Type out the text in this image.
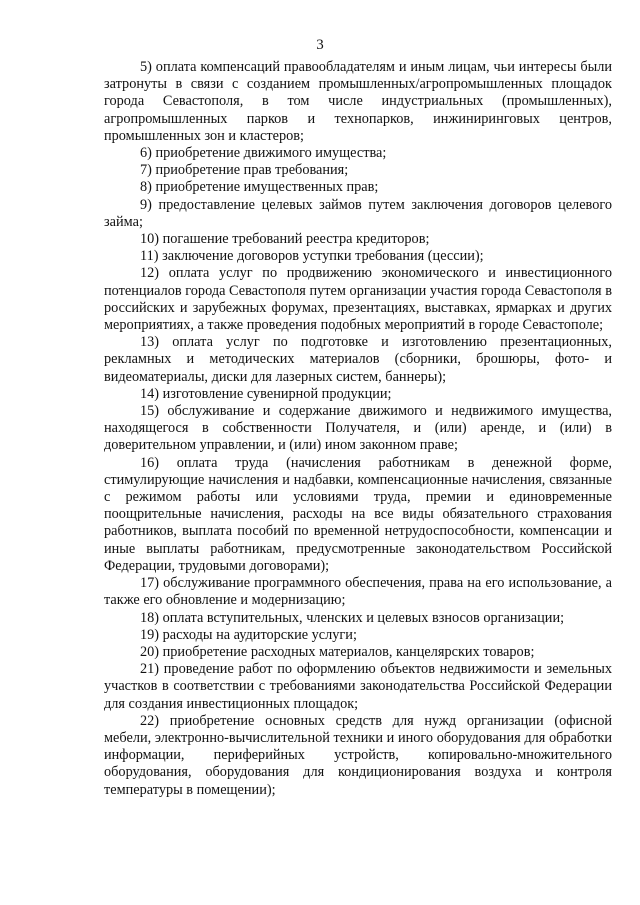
3

5) оплата компенсаций правообладателям и иным лицам, чьи интересы были затронуты в связи с созданием промышленных/агропромышленных площадок города Севастополя, в том числе индустриальных (промышленных), агропромышленных парков и технопарков, инжиниринговых центров, промышленных зон и кластеров;

6) приобретение движимого имущества;

7) приобретение прав требования;

8) приобретение имущественных прав;

9) предоставление целевых займов путем заключения договоров целевого займа;

10) погашение требований реестра кредиторов;

11) заключение договоров уступки требования (цессии);

12) оплата услуг по продвижению экономического и инвестиционного потенциалов города Севастополя путем организации участия города Севастополя в российских и зарубежных форумах, презентациях, выставках, ярмарках и других мероприятиях, а также проведения подобных мероприятий в городе Севастополе;

13) оплата услуг по подготовке и изготовлению презентационных, рекламных и методических материалов (сборники, брошюры, фото- и видеоматериалы, диски для лазерных систем, баннеры);

14) изготовление сувенирной продукции;

15) обслуживание и содержание движимого и недвижимого имущества, находящегося в собственности Получателя, и (или) аренде, и (или) в доверительном управлении, и (или) ином законном праве;

16) оплата труда (начисления работникам в денежной форме, стимулирующие начисления и надбавки, компенсационные начисления, связанные с режимом работы или условиями труда, премии и единовременные поощрительные начисления, расходы на все виды обязательного страхования работников, выплата пособий по временной нетрудоспособности, компенсации и иные выплаты работникам, предусмотренные законодательством Российской Федерации, трудовыми договорами);

17) обслуживание программного обеспечения, права на его использование, а также его обновление и модернизацию;

18) оплата вступительных, членских и целевых взносов организации;

19) расходы на аудиторские услуги;

20) приобретение расходных материалов, канцелярских товаров;

21) проведение работ по оформлению объектов недвижимости и земельных участков в соответствии с требованиями законодательства Российской Федерации для создания инвестиционных площадок;

22) приобретение основных средств для нужд организации (офисной мебели, электронно-вычислительной техники и иного оборудования для обработки информации, периферийных устройств, копировально-множительного оборудования, оборудования для кондиционирования воздуха и контроля температуры в помещении);
